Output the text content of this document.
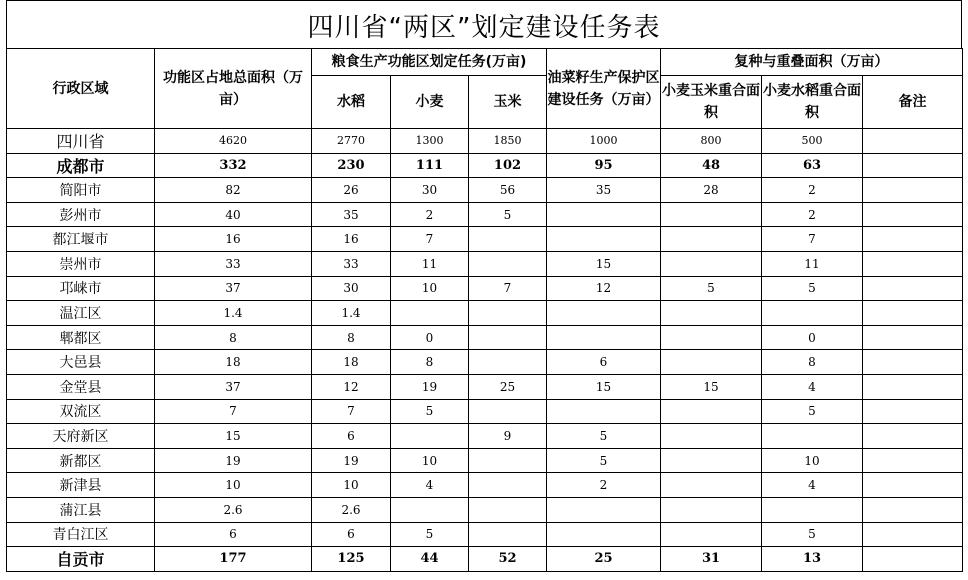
四川省“两区”划定建设任务表
行政区域	功能区占地总面积（万亩）	粮食生产功能区划定任务(万亩)			油菜籽生产保护区建设任务（万亩）	复种与重叠面积（万亩）		
		水稻	小麦	玉米		小麦玉米重合面积	小麦水稻重合面积	备注
四川省	4620	2770	1300	1850	1000	800	500	
成都市	332	230	111	102	95	48	63	
简阳市	82	26	30	56	35	28	2	
彭州市	40	35	2	5			2	
都江堰市	16	16	7				7	
崇州市	33	33	11		15		11	
邛崃市	37	30	10	7	12	5	5	
温江区	1.4	1.4						
郫都区	8	8	0				0	
大邑县	18	18	8		6		8	
金堂县	37	12	19	25	15	15	4	
双流区	7	7	5				5	
天府新区	15	6		9	5			
新都区	19	19	10		5		10	
新津县	10	10	4		2		4	
蒲江县	2.6	2.6						
青白江区	6	6	5				5	
自贡市	177	125	44	52	25	31	13	
